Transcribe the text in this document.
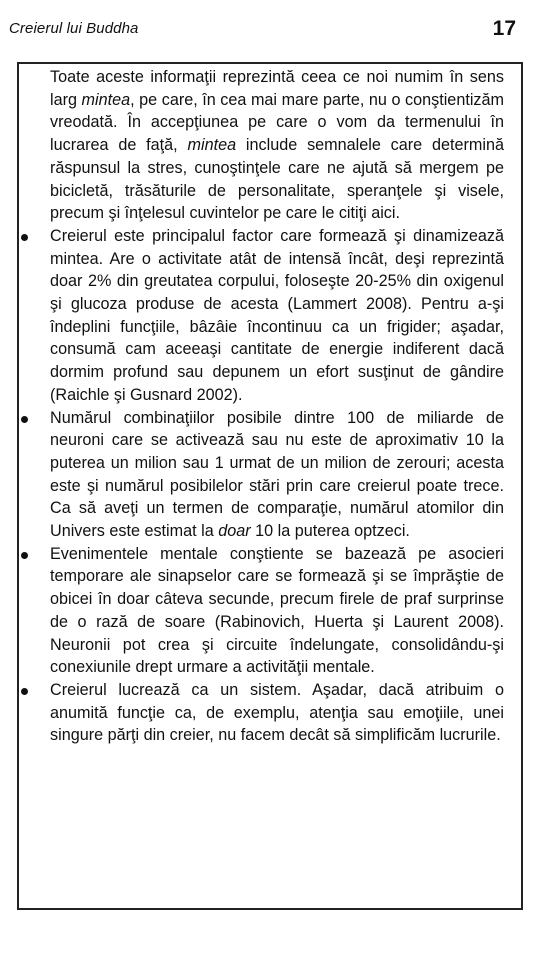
Creierul lui Buddha	17

Toate aceste informaţii reprezintă ceea ce noi numim în sens larg mintea, pe care, în cea mai mare parte, nu o conştientizăm vreodată. În accepţiunea pe care o vom da termenului în lucrarea de faţă, mintea include semnalele care determină răspunsul la stres, cunoştinţele care ne ajută să mergem pe bicicletă, trăsăturile de personalitate, speranţele şi visele, precum şi înţelesul cuvintelor pe care le citiţi aici.

Creierul este principalul factor care formează şi dinamizează mintea. Are o activitate atât de intensă încât, deşi reprezintă doar 2% din greutatea corpului, foloseşte 20-25% din oxigenul şi glucoza produse de acesta (Lammert 2008). Pentru a-şi îndeplini funcţiile, bâzâie încontinuu ca un frigider; aşadar, consumă cam aceeaşi cantitate de energie indiferent dacă dormim profund sau depunem un efort susţinut de gândire (Raichle şi Gusnard 2002).

Numărul combinaţiilor posibile dintre 100 de miliarde de neuroni care se activează sau nu este de aproximativ 10 la puterea un milion sau 1 urmat de un milion de zerouri; acesta este şi numărul posibilelor stări prin care creierul poate trece. Ca să aveţi un termen de comparaţie, numărul atomilor din Univers este estimat la doar 10 la puterea optzeci.

Evenimentele mentale conştiente se bazează pe asocieri temporare ale sinapselor care se formează şi se împrăştie de obicei în doar câteva secunde, precum firele de praf surprinse de o rază de soare (Rabinovich, Huerta şi Laurent 2008). Neuronii pot crea şi circuite îndelungate, consolidându-şi conexiunile drept urmare a activităţii mentale.

Creierul lucrează ca un sistem. Aşadar, dacă atribuim o anumită funcţie ca, de exemplu, atenţia sau emoţiile, unei singure părţi din creier, nu facem decât să simplificăm lucrurile.
